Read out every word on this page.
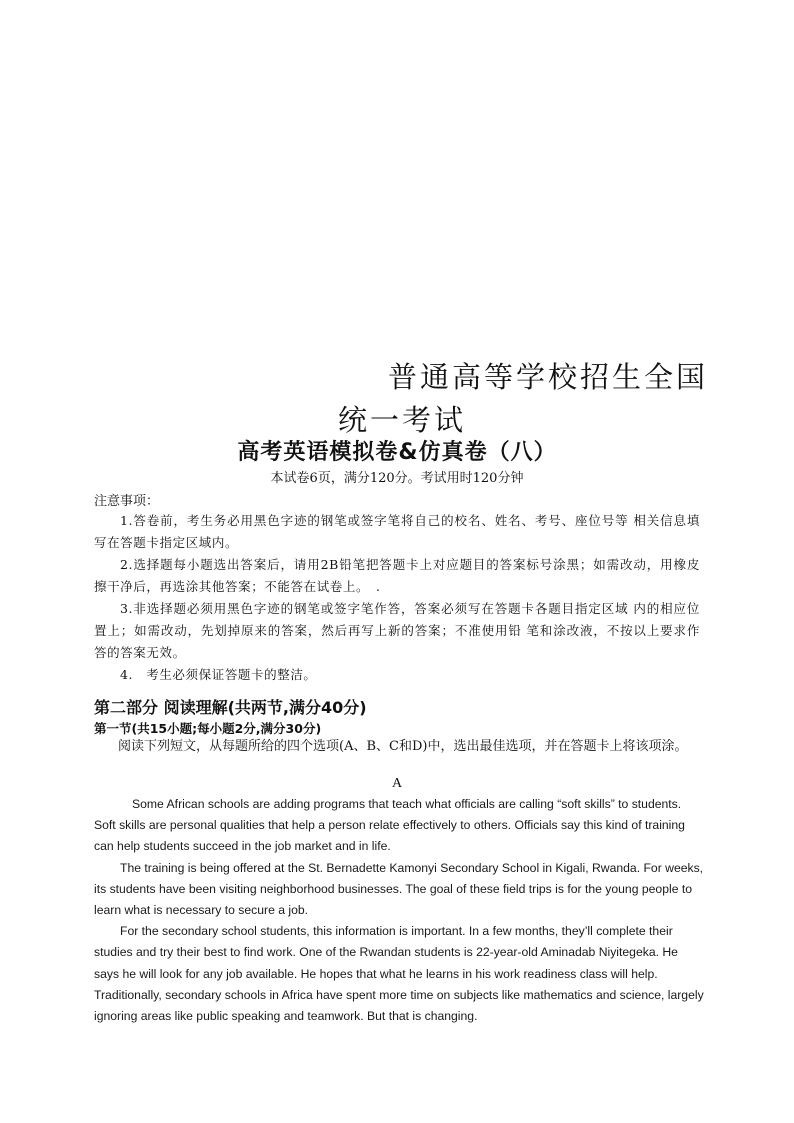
普通高等学校招生全国
统一考试
高考英语模拟卷&仿真卷（八）
本试卷6页，满分120分。考试用时120分钟
注意事项：

1.答卷前，考生务必用黑色字迹的钢笔或签字笔将自己的校名、姓名、考号、座位号等 相关信息填写在答题卡指定区域内。

2.选择题每小题选出答案后，请用2B铅笔把答题卡上对应题目的答案标号涂黑；如需改动，用橡皮擦干净后，再选涂其他答案；不能答在试卷上。　.

3.非选择题必须用黑色字迹的钢笔或签字笔作答，答案必须写在答题卡各题目指定区域 内的相应位置上；如需改动，先划掉原来的答案，然后再写上新的答案；不准使用铅 笔和涂改液，不按以上要求作答的答案无效。

4.　考生必须保证答题卡的整洁。

第二部分 阅读理解(共两节,满分40分)
第一节(共15小题;每小题2分,满分30分)

阅读下列短文，从每题所给的四个选项(A、B、C和D)中，选出最佳选项，并在答题卡上将该项涂。

A

Some African schools are adding programs that teach what officials are calling “soft skills” to students. Soft skills are personal qualities that help a person relate effectively to others. Officials say this kind of training can help students succeed in the job market and in life.

The training is being offered at the St. Bernadette Kamonyi Secondary School in Kigali, Rwanda. For weeks, its students have been visiting neighborhood businesses. The goal of these field trips is for the young people to learn what is necessary to secure a job.

For the secondary school students, this information is important. In a few months, they’ll complete their studies and try their best to find work. One of the Rwandan students is 22-year-old Aminadab Niyitegeka. He says he will look for any job available. He hopes that what he learns in his work readiness class will help. Traditionally, secondary schools in Africa have spent more time on subjects like mathematics and science, largely ignoring areas like public speaking and teamwork. But that is changing.
